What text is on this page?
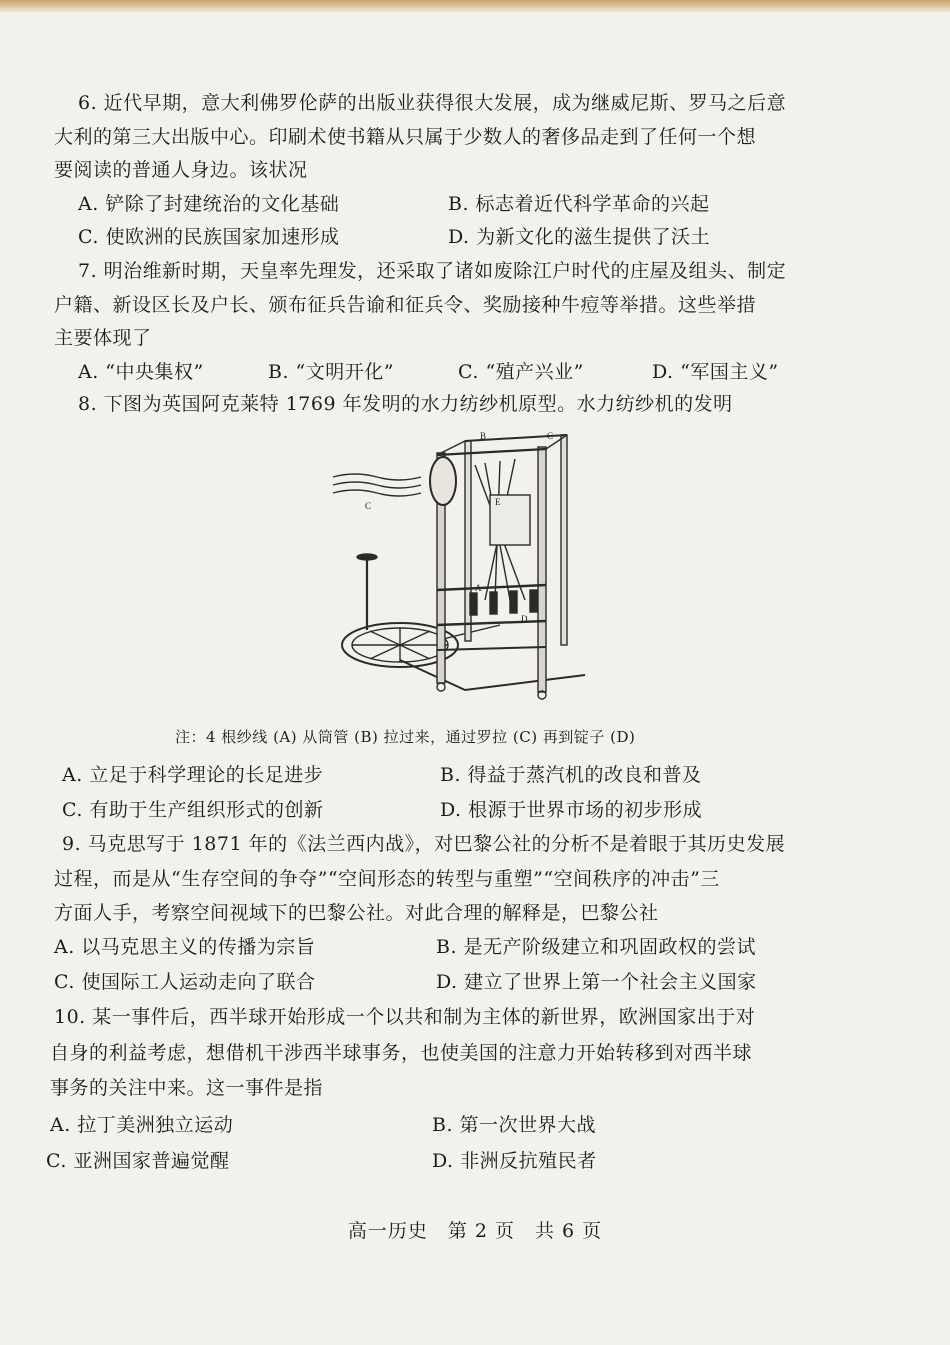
6. 近代早期，意大利佛罗伦萨的出版业获得很大发展，成为继威尼斯、罗马之后意
大利的第三大出版中心。印刷术使书籍从只属于少数人的奢侈品走到了任何一个想
要阅读的普通人身边。该状况
A. 铲除了封建统治的文化基础	B. 标志着近代科学革命的兴起
C. 使欧洲的民族国家加速形成	D. 为新文化的滋生提供了沃土
7. 明治维新时期，天皇率先理发，还采取了诸如废除江户时代的庄屋及组头、制定
户籍、新设区长及户长、颁布征兵告谕和征兵令、奖励接种牛痘等举措。这些举措
主要体现了
A. “中央集权”	B. “文明开化”	C. “殖产兴业”	D. “军国主义”
8. 下图为英国阿克莱特 1769 年发明的水力纺纱机原型。水力纺纱机的发明
B	C
C	E
A
D
注：4 根纱线 (A) 从筒管 (B) 拉过来，通过罗拉 (C) 再到锭子 (D)
A. 立足于科学理论的长足进步	B. 得益于蒸汽机的改良和普及
C. 有助于生产组织形式的创新	D. 根源于世界市场的初步形成
9. 马克思写于 1871 年的《法兰西内战》，对巴黎公社的分析不是着眼于其历史发展
过程，而是从“生存空间的争夺”“空间形态的转型与重塑”“空间秩序的冲击”三
方面人手，考察空间视域下的巴黎公社。对此合理的解释是，巴黎公社
A. 以马克思主义的传播为宗旨	B. 是无产阶级建立和巩固政权的尝试
C. 使国际工人运动走向了联合	D. 建立了世界上第一个社会主义国家
10. 某一事件后，西半球开始形成一个以共和制为主体的新世界，欧洲国家出于对
自身的利益考虑，想借机干涉西半球事务，也使美国的注意力开始转移到对西半球
事务的关注中来。这一事件是指
A. 拉丁美洲独立运动	B. 第一次世界大战
C. 亚洲国家普遍觉醒	D. 非洲反抗殖民者
高一历史　第 2 页　共 6 页
